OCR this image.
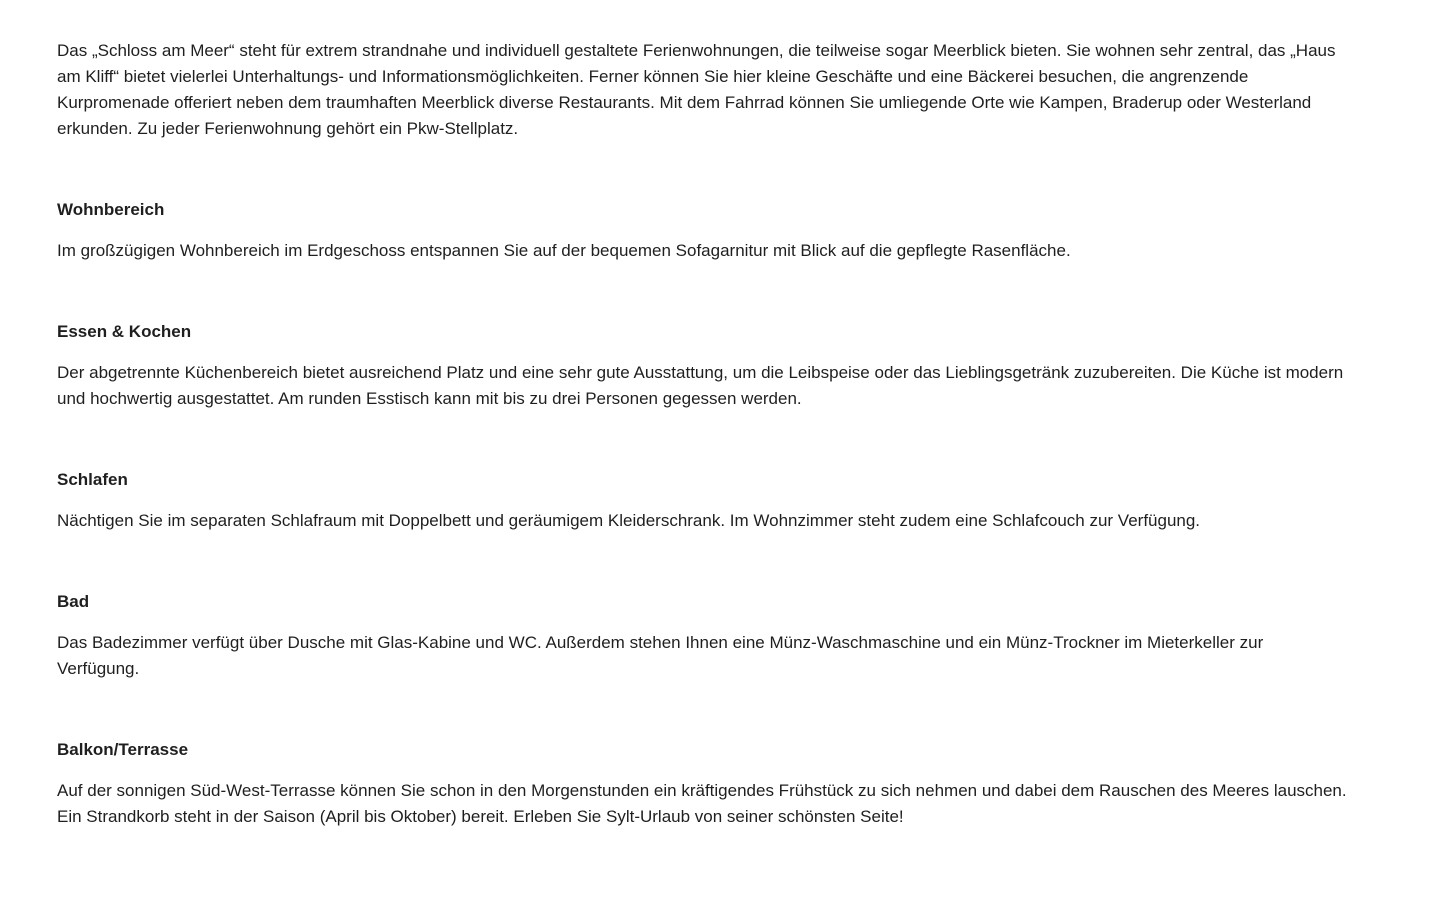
Das „Schloss am Meer“ steht für extrem strandnahe und individuell gestaltete Ferienwohnungen, die teilweise sogar Meerblick bieten. Sie wohnen sehr zentral, das „Haus am Kliff“ bietet vielerlei Unterhaltungs- und Informationsmöglichkeiten. Ferner können Sie hier kleine Geschäfte und eine Bäckerei besuchen, die angrenzende Kurpromenade offeriert neben dem traumhaften Meerblick diverse Restaurants. Mit dem Fahrrad können Sie umliegende Orte wie Kampen, Braderup oder Westerland erkunden. Zu jeder Ferienwohnung gehört ein Pkw-Stellplatz.

Wohnbereich

Im großzügigen Wohnbereich im Erdgeschoss entspannen Sie auf der bequemen Sofagarnitur mit Blick auf die gepflegte Rasenfläche.

Essen & Kochen

Der abgetrennte Küchenbereich bietet ausreichend Platz und eine sehr gute Ausstattung, um die Leibspeise oder das Lieblingsgetränk zuzubereiten. Die Küche ist modern und hochwertig ausgestattet. Am runden Esstisch kann mit bis zu drei Personen gegessen werden.

Schlafen

Nächtigen Sie im separaten Schlafraum mit Doppelbett und geräumigem Kleiderschrank. Im Wohnzimmer steht zudem eine Schlafcouch zur Verfügung.

Bad

Das Badezimmer verfügt über Dusche mit Glas-Kabine und WC. Außerdem stehen Ihnen eine Münz-Waschmaschine und ein Münz-Trockner im Mieterkeller zur Verfügung.

Balkon/Terrasse

Auf der sonnigen Süd-West-Terrasse können Sie schon in den Morgenstunden ein kräftigendes Frühstück zu sich nehmen und dabei dem Rauschen des Meeres lauschen. Ein Strandkorb steht in der Saison (April bis Oktober) bereit. Erleben Sie Sylt-Urlaub von seiner schönsten Seite!
